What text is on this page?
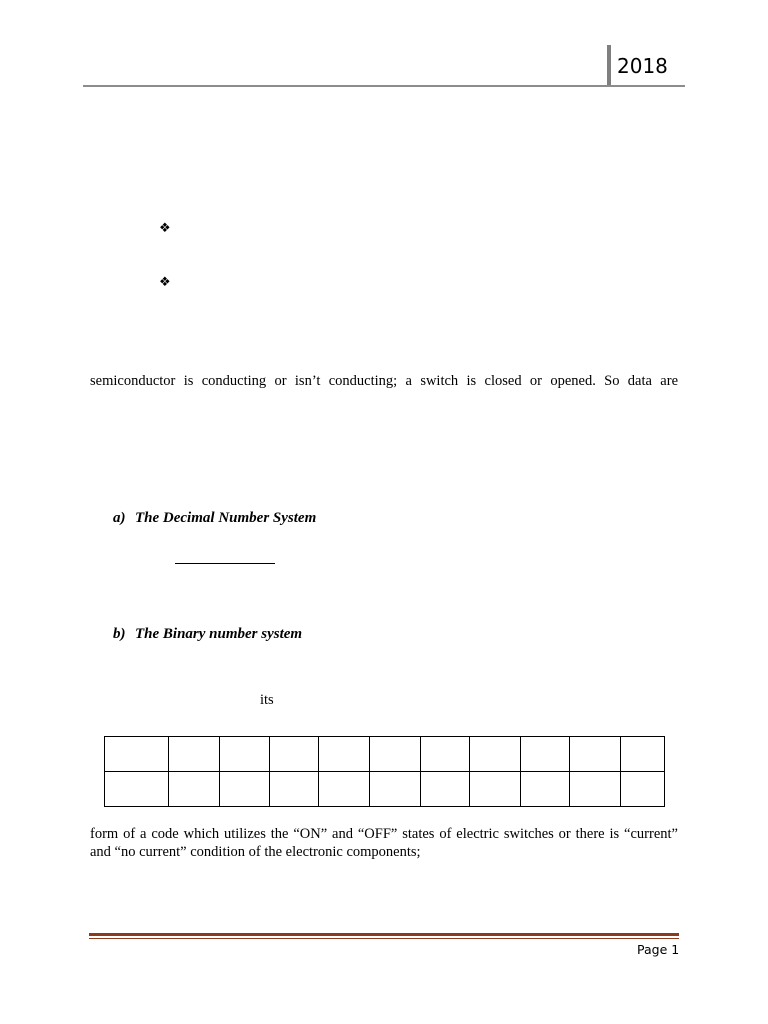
2018
❖
❖
semiconductor is conducting or isn’t conducting; a switch is closed or opened. So data are
a) The Decimal Number System
b) The Binary number system
its

form of a code which utilizes the “ON” and “OFF” states of electric switches or there is “current” and “no current” condition of the electronic components;
Page 1
